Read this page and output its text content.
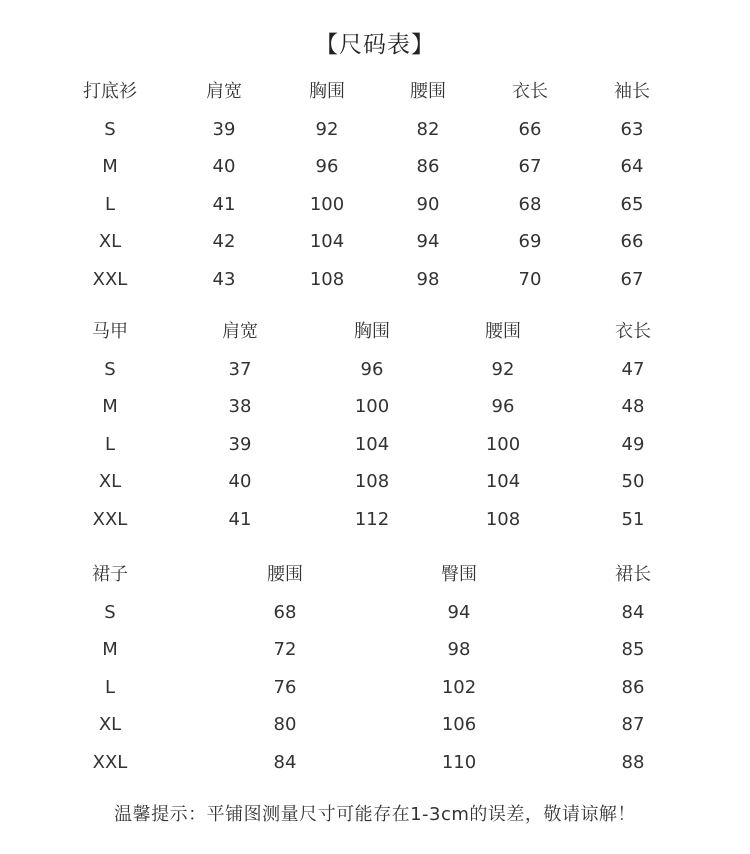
【尺码表】
打底衫	肩宽	胸围	腰围	衣长	袖长
S	39	92	82	66	63
M	40	96	86	67	64
L	41	100	90	68	65
XL	42	104	94	69	66
XXL	43	108	98	70	67
马甲	肩宽	胸围	腰围	衣长
S	37	96	92	47
M	38	100	96	48
L	39	104	100	49
XL	40	108	104	50
XXL	41	112	108	51
裙子	腰围	臀围	裙长
S	68	94	84
M	72	98	85
L	76	102	86
XL	80	106	87
XXL	84	110	88
温馨提示：平铺图测量尺寸可能存在1-3cm的误差，敬请谅解！
